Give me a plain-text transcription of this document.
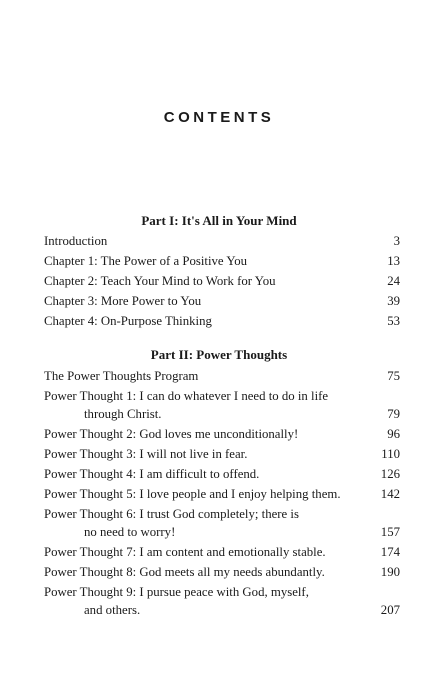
CONTENTS
Part I: It's All in Your Mind
Introduction	3
Chapter 1: The Power of a Positive You	13
Chapter 2: Teach Your Mind to Work for You	24
Chapter 3: More Power to You	39
Chapter 4: On-Purpose Thinking	53
Part II: Power Thoughts
The Power Thoughts Program	75
Power Thought 1: I can do whatever I need to do in life
through Christ.	79
Power Thought 2: God loves me unconditionally!	96
Power Thought 3: I will not live in fear.	110
Power Thought 4: I am difficult to offend.	126
Power Thought 5: I love people and I enjoy helping them.	142
Power Thought 6: I trust God completely; there is
no need to worry!	157
Power Thought 7: I am content and emotionally stable.	174
Power Thought 8: God meets all my needs abundantly.	190
Power Thought 9: I pursue peace with God, myself,
and others.	207
